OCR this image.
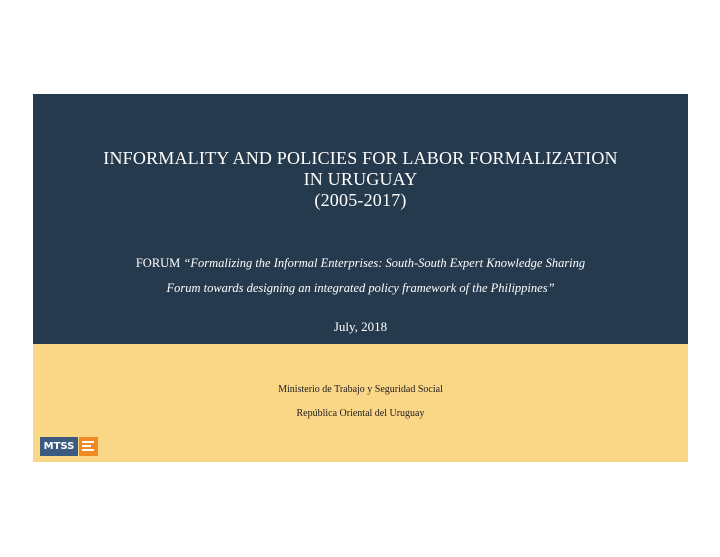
INFORMALITY AND POLICIES FOR LABOR FORMALIZATION
IN URUGUAY
(2005-2017)
FORUM “Formalizing the Informal Enterprises: South-South Expert Knowledge Sharing
Forum towards designing an integrated policy framework of the Philippines”
July, 2018
Ministerio de Trabajo y Seguridad Social
República Oriental del Uruguay
MTSS
